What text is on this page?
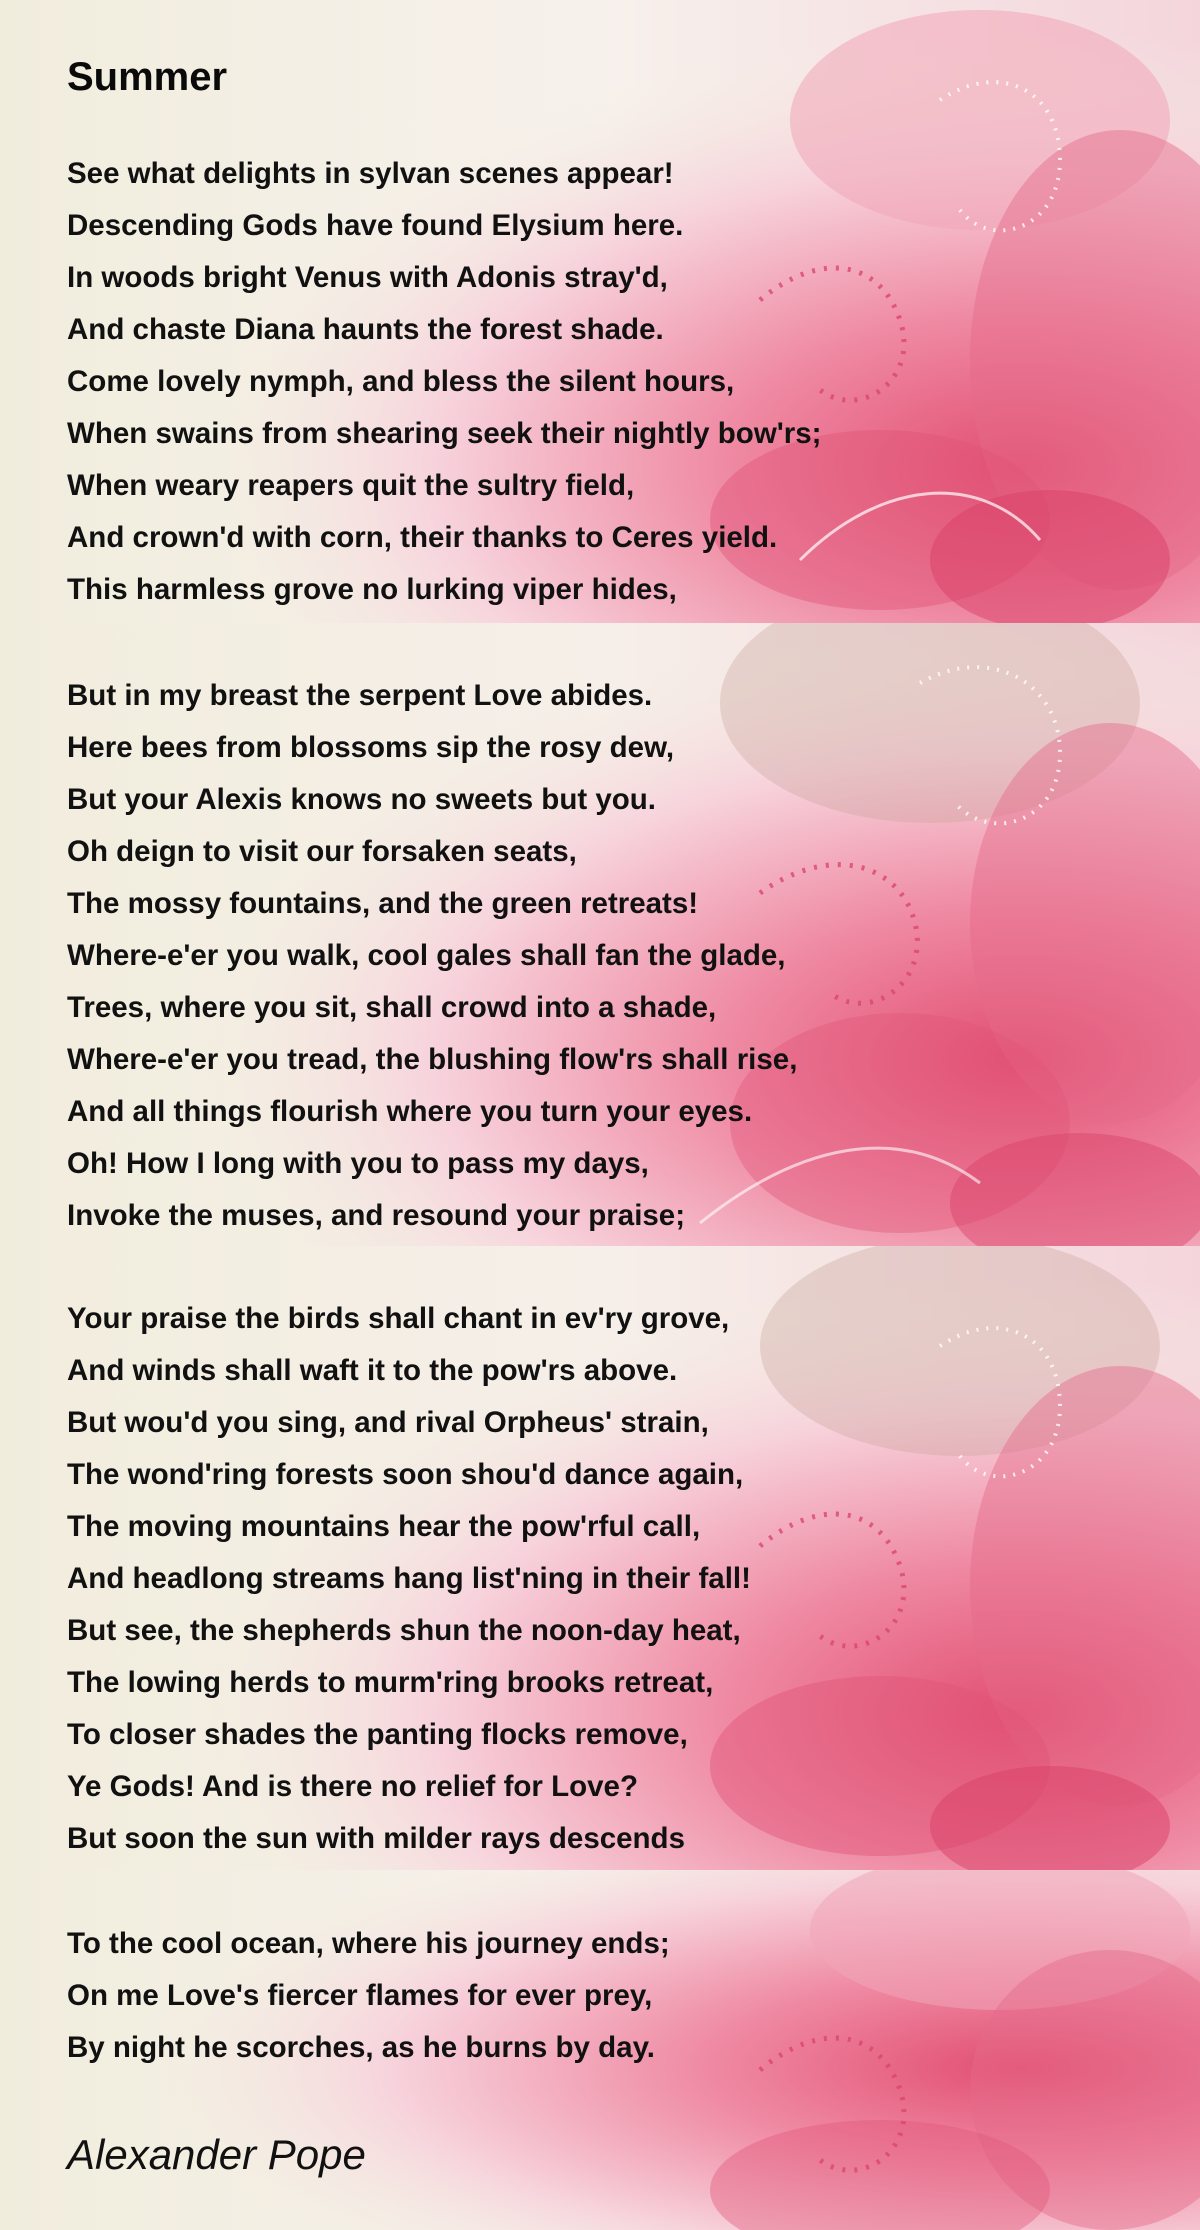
Summer
See what delights in sylvan scenes appear!
Descending Gods have found Elysium here.
In woods bright Venus with Adonis stray'd,
And chaste Diana haunts the forest shade.
Come lovely nymph, and bless the silent hours,
When swains from shearing seek their nightly bow'rs;
When weary reapers quit the sultry field,
And crown'd with corn, their thanks to Ceres yield.
This harmless grove no lurking viper hides,
But in my breast the serpent Love abides.
Here bees from blossoms sip the rosy dew,
But your Alexis knows no sweets but you.
Oh deign to visit our forsaken seats,
The mossy fountains, and the green retreats!
Where-e'er you walk, cool gales shall fan the glade,
Trees, where you sit, shall crowd into a shade,
Where-e'er you tread, the blushing flow'rs shall rise,
And all things flourish where you turn your eyes.
Oh! How I long with you to pass my days,
Invoke the muses, and resound your praise;
Your praise the birds shall chant in ev'ry grove,
And winds shall waft it to the pow'rs above.
But wou'd you sing, and rival Orpheus' strain,
The wond'ring forests soon shou'd dance again,
The moving mountains hear the pow'rful call,
And headlong streams hang list'ning in their fall!
But see, the shepherds shun the noon-day heat,
The lowing herds to murm'ring brooks retreat,
To closer shades the panting flocks remove,
Ye Gods! And is there no relief for Love?
But soon the sun with milder rays descends
To the cool ocean, where his journey ends;
On me Love's fiercer flames for ever prey,
By night he scorches, as he burns by day.

Alexander Pope
